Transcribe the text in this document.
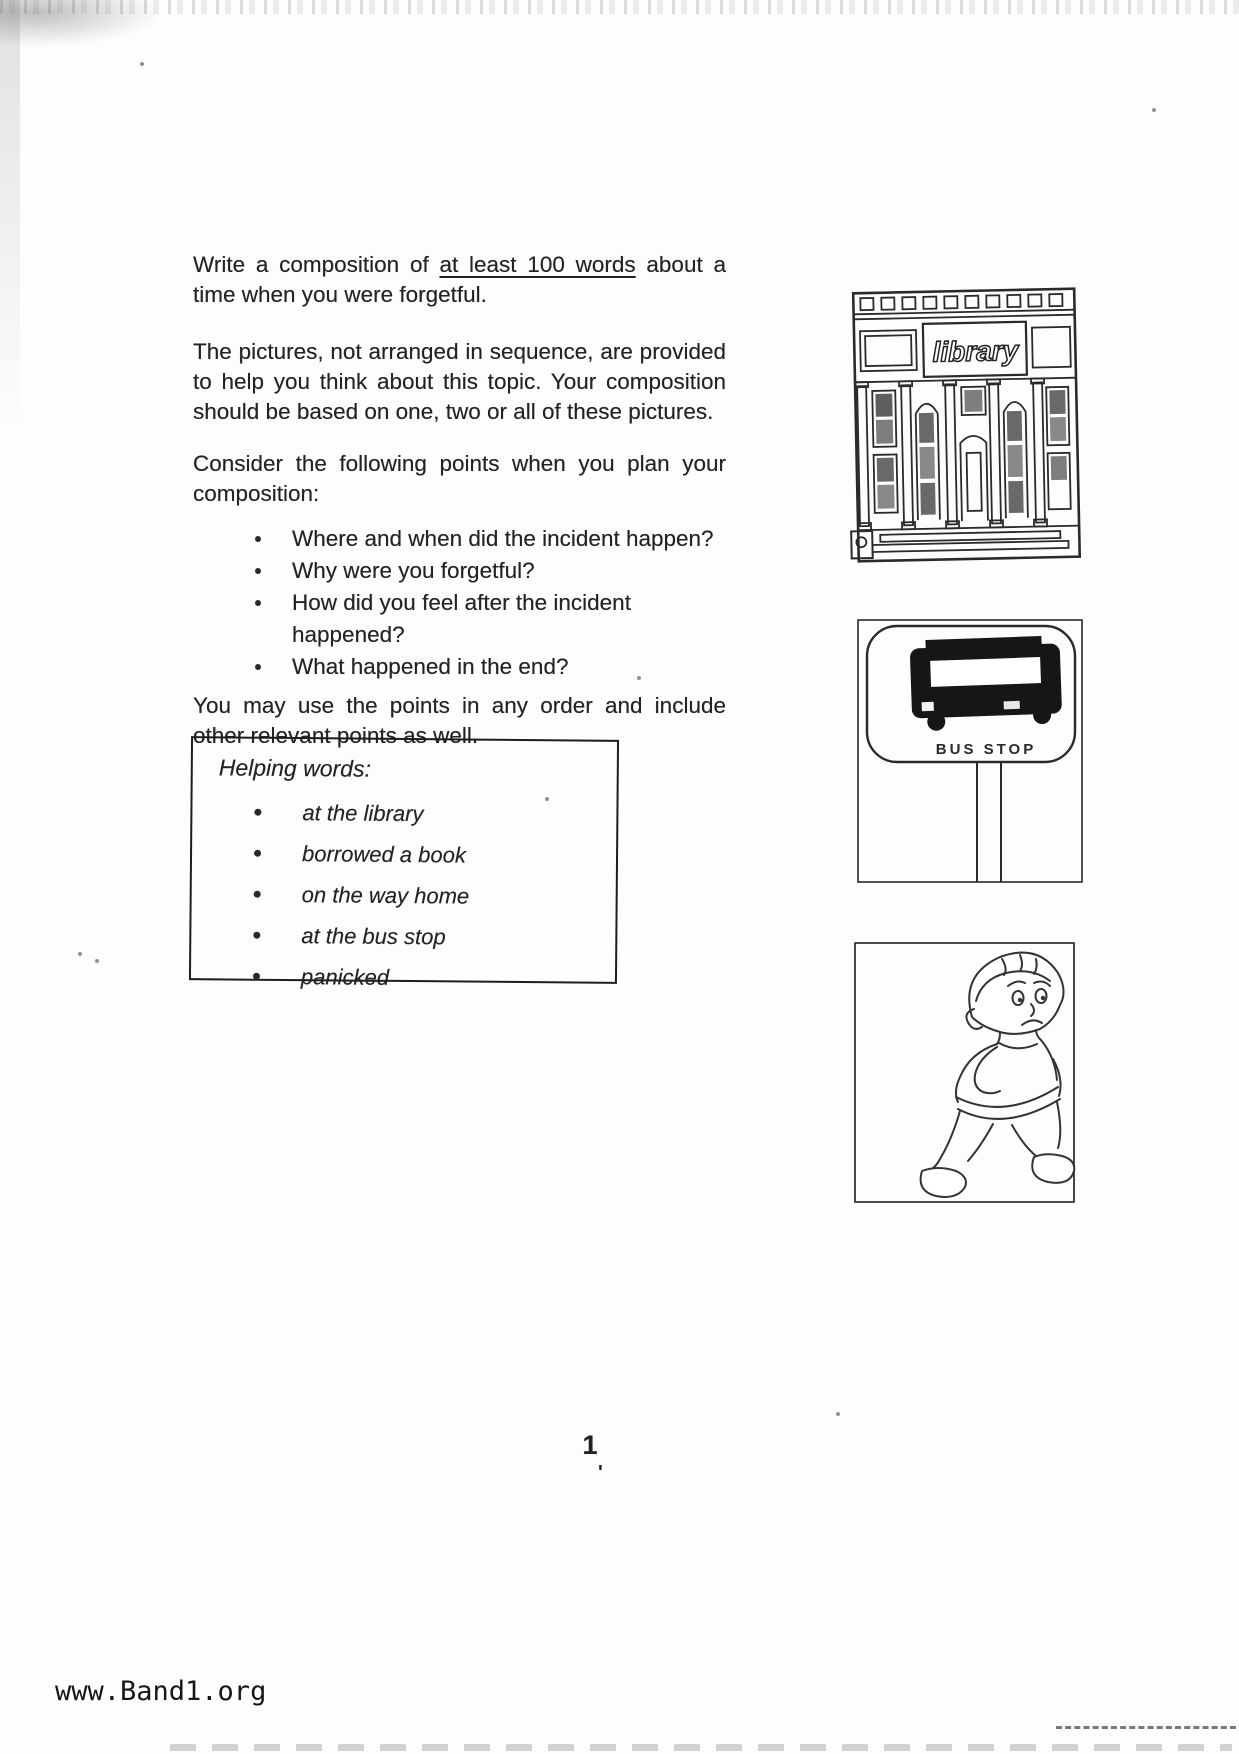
Write a composition of at least 100 words about a time when you were forgetful.

The pictures, not arranged in sequence, are provided to help you think about this topic. Your composition should be based on one, two or all of these pictures.

Consider the following points when you plan your composition:

Where and when did the incident happen?
Why were you forgetful?
How did you feel after the incident happened?
What happened in the end?

You may use the points in any order and include other relevant points as well.

Helping words:
at the library
borrowed a book
on the way home
at the bus stop
panicked
library
BUS STOP
1
'
www.Band1.org
